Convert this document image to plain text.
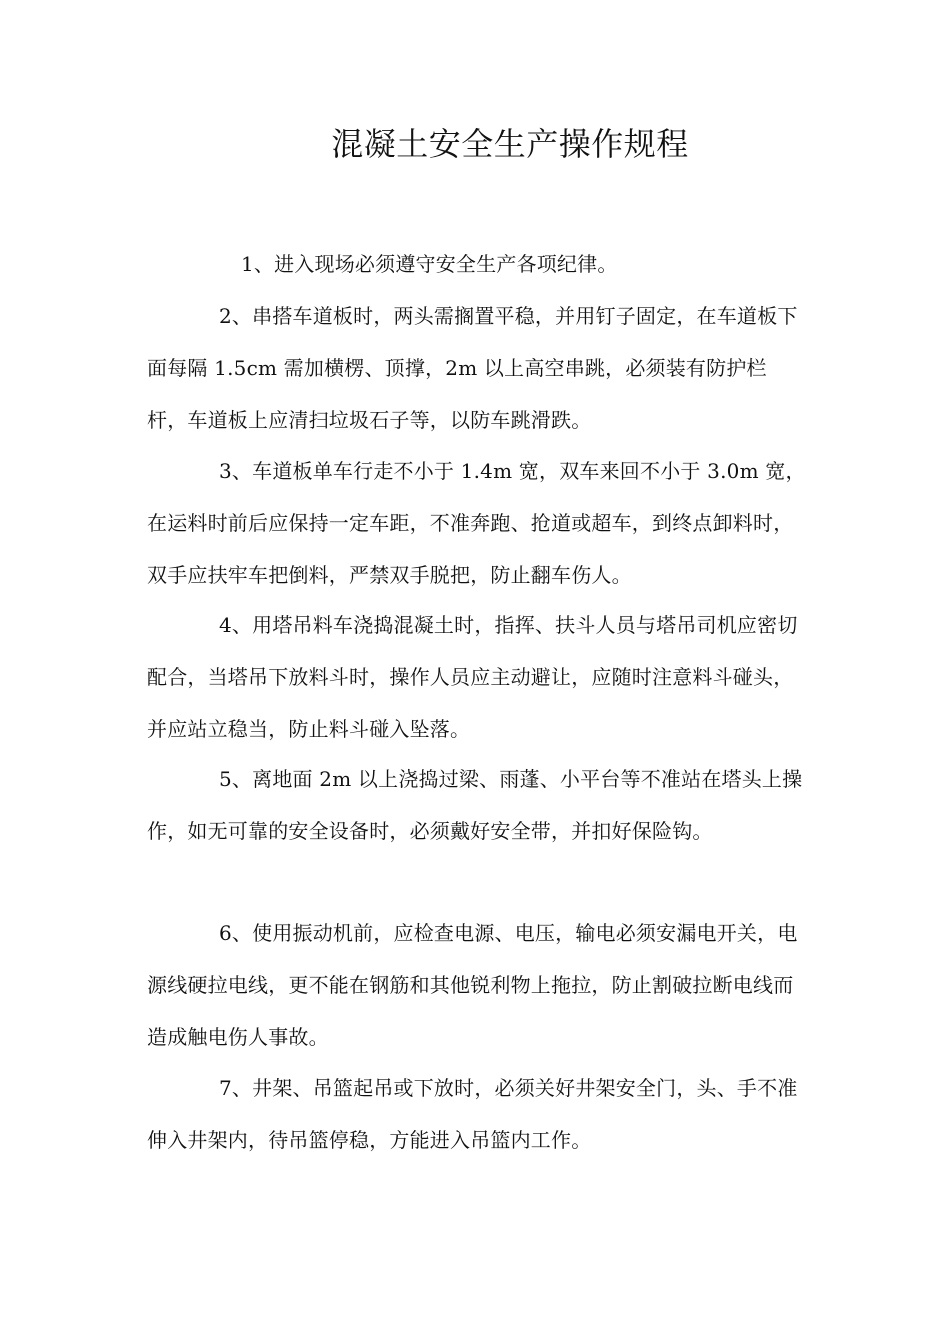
混凝土安全生产操作规程

1、进入现场必须遵守安全生产各项纪律。

2、串搭车道板时，两头需搁置平稳，并用钉子固定，在车道板下面每隔 1.5cm 需加横楞、顶撑，2m 以上高空串跳，必须装有防护栏杆，车道板上应清扫垃圾石子等，以防车跳滑跌。

3、车道板单车行走不小于 1.4m 宽，双车来回不小于 3.0m 宽，在运料时前后应保持一定车距，不准奔跑、抢道或超车，到终点卸料时，双手应扶牢车把倒料，严禁双手脱把，防止翻车伤人。

4、用塔吊料车浇捣混凝土时，指挥、扶斗人员与塔吊司机应密切配合，当塔吊下放料斗时，操作人员应主动避让，应随时注意料斗碰头，并应站立稳当，防止料斗碰入坠落。

5、离地面 2m 以上浇捣过梁、雨蓬、小平台等不准站在塔头上操作，如无可靠的安全设备时，必须戴好安全带，并扣好保险钩。

6、使用振动机前，应检查电源、电压，输电必须安漏电开关，电源线硬拉电线，更不能在钢筋和其他锐利物上拖拉，防止割破拉断电线而造成触电伤人事故。

7、井架、吊篮起吊或下放时，必须关好井架安全门，头、手不准伸入井架内，待吊篮停稳，方能进入吊篮内工作。
